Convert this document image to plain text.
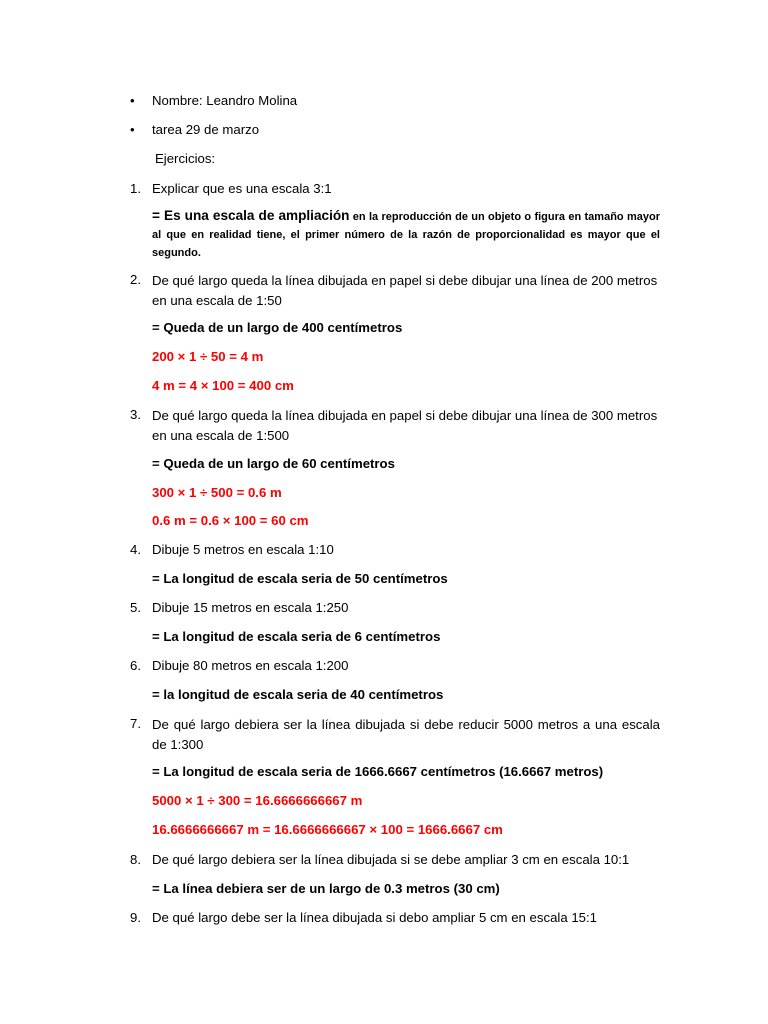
• Nombre: Leandro Molina
• tarea 29 de marzo
Ejercicios:
1. Explicar que es una escala 3:1
= Es una escala de ampliación en la reproducción de un objeto o figura en tamaño mayor al que en realidad tiene, el primer número de la razón de proporcionalidad es mayor que el segundo.
2. De qué largo queda la línea dibujada en papel si debe dibujar una línea de 200 metros en una escala de 1:50
= Queda de un largo de 400 centímetros
200 × 1 ÷ 50 = 4 m
4 m = 4 × 100 = 400 cm
3. De qué largo queda la línea dibujada en papel si debe dibujar una línea de 300 metros en una escala de 1:500
= Queda de un largo de 60 centímetros
300 × 1 ÷ 500 = 0.6 m
0.6 m = 0.6 × 100 = 60 cm
4. Dibuje 5 metros en escala 1:10
= La longitud de escala seria de 50 centímetros
5. Dibuje 15 metros en escala 1:250
= La longitud de escala seria de 6 centímetros
6. Dibuje 80 metros en escala 1:200
= la longitud de escala seria de 40 centímetros
7. De qué largo debiera ser la línea dibujada si debe reducir 5000 metros a una escala de 1:300
= La longitud de escala seria de 1666.6667 centímetros (16.6667 metros)
5000 × 1 ÷ 300 = 16.6666666667 m
16.6666666667 m = 16.6666666667 × 100 = 1666.6667 cm
8. De qué largo debiera ser la línea dibujada si se debe ampliar 3 cm en escala 10:1
= La línea debiera ser de un largo de 0.3 metros (30 cm)
9. De qué largo debe ser la línea dibujada si debo ampliar 5 cm en escala 15:1
